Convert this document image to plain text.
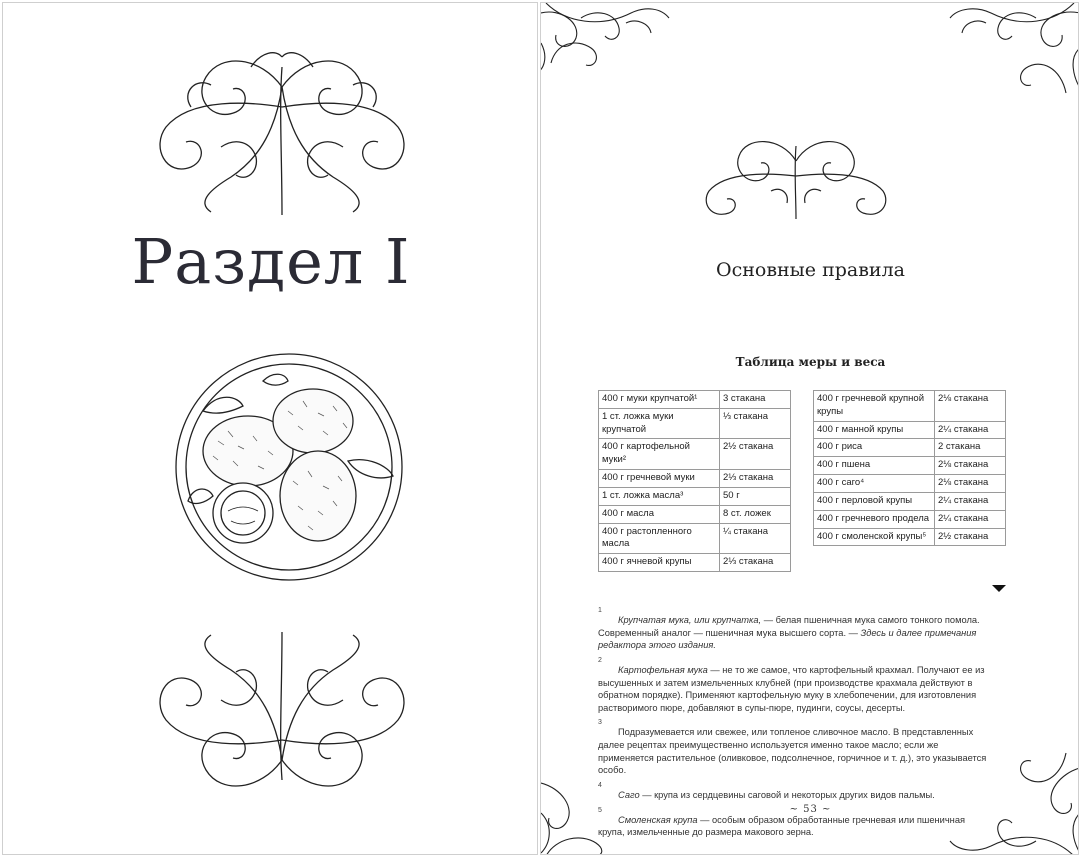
Раздел I	Основные правила
Таблица меры и веса
400 г муки крупчатой¹	3 стакана
1 ст. ложка муки крупчатой	⅓ стакана
400 г картофельной муки²	2½ стакана
400 г гречневой муки	2⅓ стакана
1 ст. ложка масла³	50 г
400 г масла	8 ст. ложек
400 г растопленного масла	¼ стакана
400 г ячневой крупы	2⅓ стакана
400 г гречневой крупной крупы	2⅛ стакана
400 г манной крупы	2¼ стакана
400 г риса	2 стакана
400 г пшена	2⅛ стакана
400 г саго⁴	2⅛ стакана
400 г перловой крупы	2¼ стакана
400 г гречневого продела	2¼ стакана
400 г смоленской крупы⁵	2½ стакана
1
Крупчатая мука, или крупчатка, — белая пшеничная мука самого тонкого помола. Современный аналог — пшеничная мука высшего сорта. — Здесь и далее примечания редактора этого издания.
2
Картофельная мука — не то же самое, что картофельный крахмал. Получают ее из высушенных и затем измельченных клубней (при производстве крахмала действуют в обратном порядке). Применяют картофельную муку в хлебопечении, для изготовления растворимого пюре, добавляют в супы-пюре, пудинги, соусы, десерты.
3
Подразумевается или свежее, или топленое сливочное масло. В представленных далее рецептах преимущественно используется именно такое масло; если же применяется растительное (оливковое, подсолнечное, горчичное и т. д.), это указывается особо.
4
Саго — крупа из сердцевины саговой и некоторых других видов пальмы.
5
Смоленская крупа — особым образом обработанные гречневая или пшеничная крупа, измельченные до размера макового зерна.
~ 53 ~
